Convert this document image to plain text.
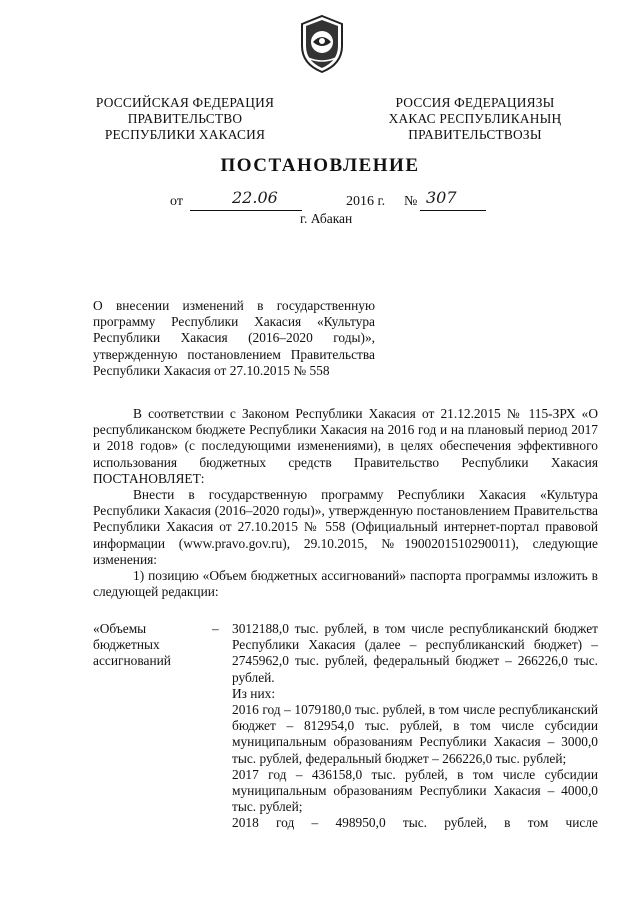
РОССИЙСКАЯ ФЕДЕРАЦИЯ
ПРАВИТЕЛЬСТВО
РЕСПУБЛИКИ ХАКАСИЯ
РОССИЯ ФЕДЕРАЦИЯЗЫ
ХАКАС РЕСПУБЛИКАНЫҢ
ПРАВИТЕЛЬСТВОЗЫ
ПОСТАНОВЛЕНИЕ
от	22.06	2016 г. № 307
г. Абакан
О внесении изменений в государственную программу Республики Хакасия «Культура Республики Хакасия (2016–2020 годы)», утвержденную постановлением Правительства Республики Хакасия от 27.10.2015 № 558

В соответствии с Законом Республики Хакасия от 21.12.2015 № 115-ЗРХ «О республиканском бюджете Республики Хакасия на 2016 год и на плановый период 2017 и 2018 годов» (с последующими изменениями), в целях обеспечения эффективного использования бюджетных средств Правительство Республики Хакасия ПОСТАНОВЛЯЕТ:

Внести в государственную программу Республики Хакасия «Культура Республики Хакасия (2016–2020 годы)», утвержденную постановлением Правительства Республики Хакасия от 27.10.2015 № 558 (Официальный интернет-портал правовой информации (www.pravo.gov.ru), 29.10.2015, №1900201510290011), следующие изменения:

1) позицию «Объем бюджетных ассигнований» паспорта программы изложить в следующей редакции:

«Объемы бюджетных ассигнований
– 3012188,0 тыс. рублей, в том числе республиканский бюджет Республики Хакасия (далее – республиканский бюджет) – 2745962,0 тыс. рублей, федеральный бюджет – 266226,0 тыс. рублей.

Из них:

2016 год – 1079180,0 тыс. рублей, в том числе республиканский бюджет – 812954,0 тыс. рублей, в том числе субсидии муниципальным образованиям Республики Хакасия – 3000,0 тыс. рублей, федеральный бюджет – 266226,0 тыс. рублей;

2017 год – 436158,0 тыс. рублей, в том числе субсидии муниципальным образованиям Республики Хакасия – 4000,0 тыс. рублей;

2018 год – 498950,0 тыс. рублей, в том числе
